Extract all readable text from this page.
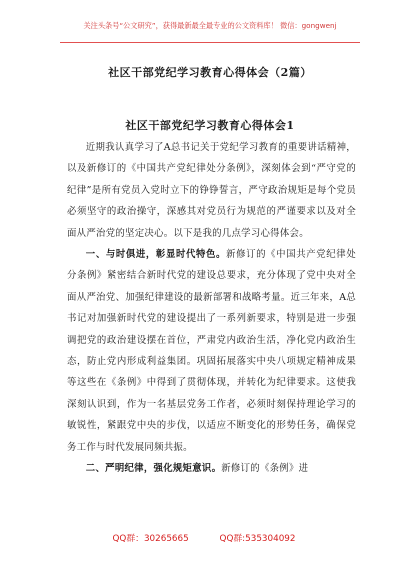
关注头条号“公文研究”，获得最新最全最专业的公文资料库！ 微信：gongwenj
社区干部党纪学习教育心得体会（2篇）
社区干部党纪学习教育心得体会1

近期我认真学习了A总书记关于党纪学习教育的重要讲话精神，以及新修订的《中国共产党纪律处分条例》，深刻体会到“严守党的纪律”是所有党员入党时立下的铮铮誓言，严守政治规矩是每个党员必须坚守的政治操守，深感其对党员行为规范的严谨要求以及对全面从严治党的坚定决心。以下是我的几点学习心得体会。

一、与时俱进，彰显时代特色。新修订的《中国共产党纪律处分条例》紧密结合新时代党的建设总要求，充分体现了党中央对全面从严治党、加强纪律建设的最新部署和战略考量。近三年来，A总书记对加强新时代党的建设提出了一系列新要求，特别是进一步强调把党的政治建设摆在首位，严肃党内政治生活，净化党内政治生态，防止党内形成利益集团。巩固拓展落实中央八项规定精神成果等这些在《条例》中得到了贯彻体现，并转化为纪律要求。这使我深刻认识到，作为一名基层党务工作者，必须时刻保持理论学习的敏锐性，紧跟党中央的步伐，以适应不断变化的形势任务，确保党务工作与时代发展同频共振。

二、严明纪律，强化规矩意识。新修订的《条例》进

QQ群：30265665	QQ群:535304092
